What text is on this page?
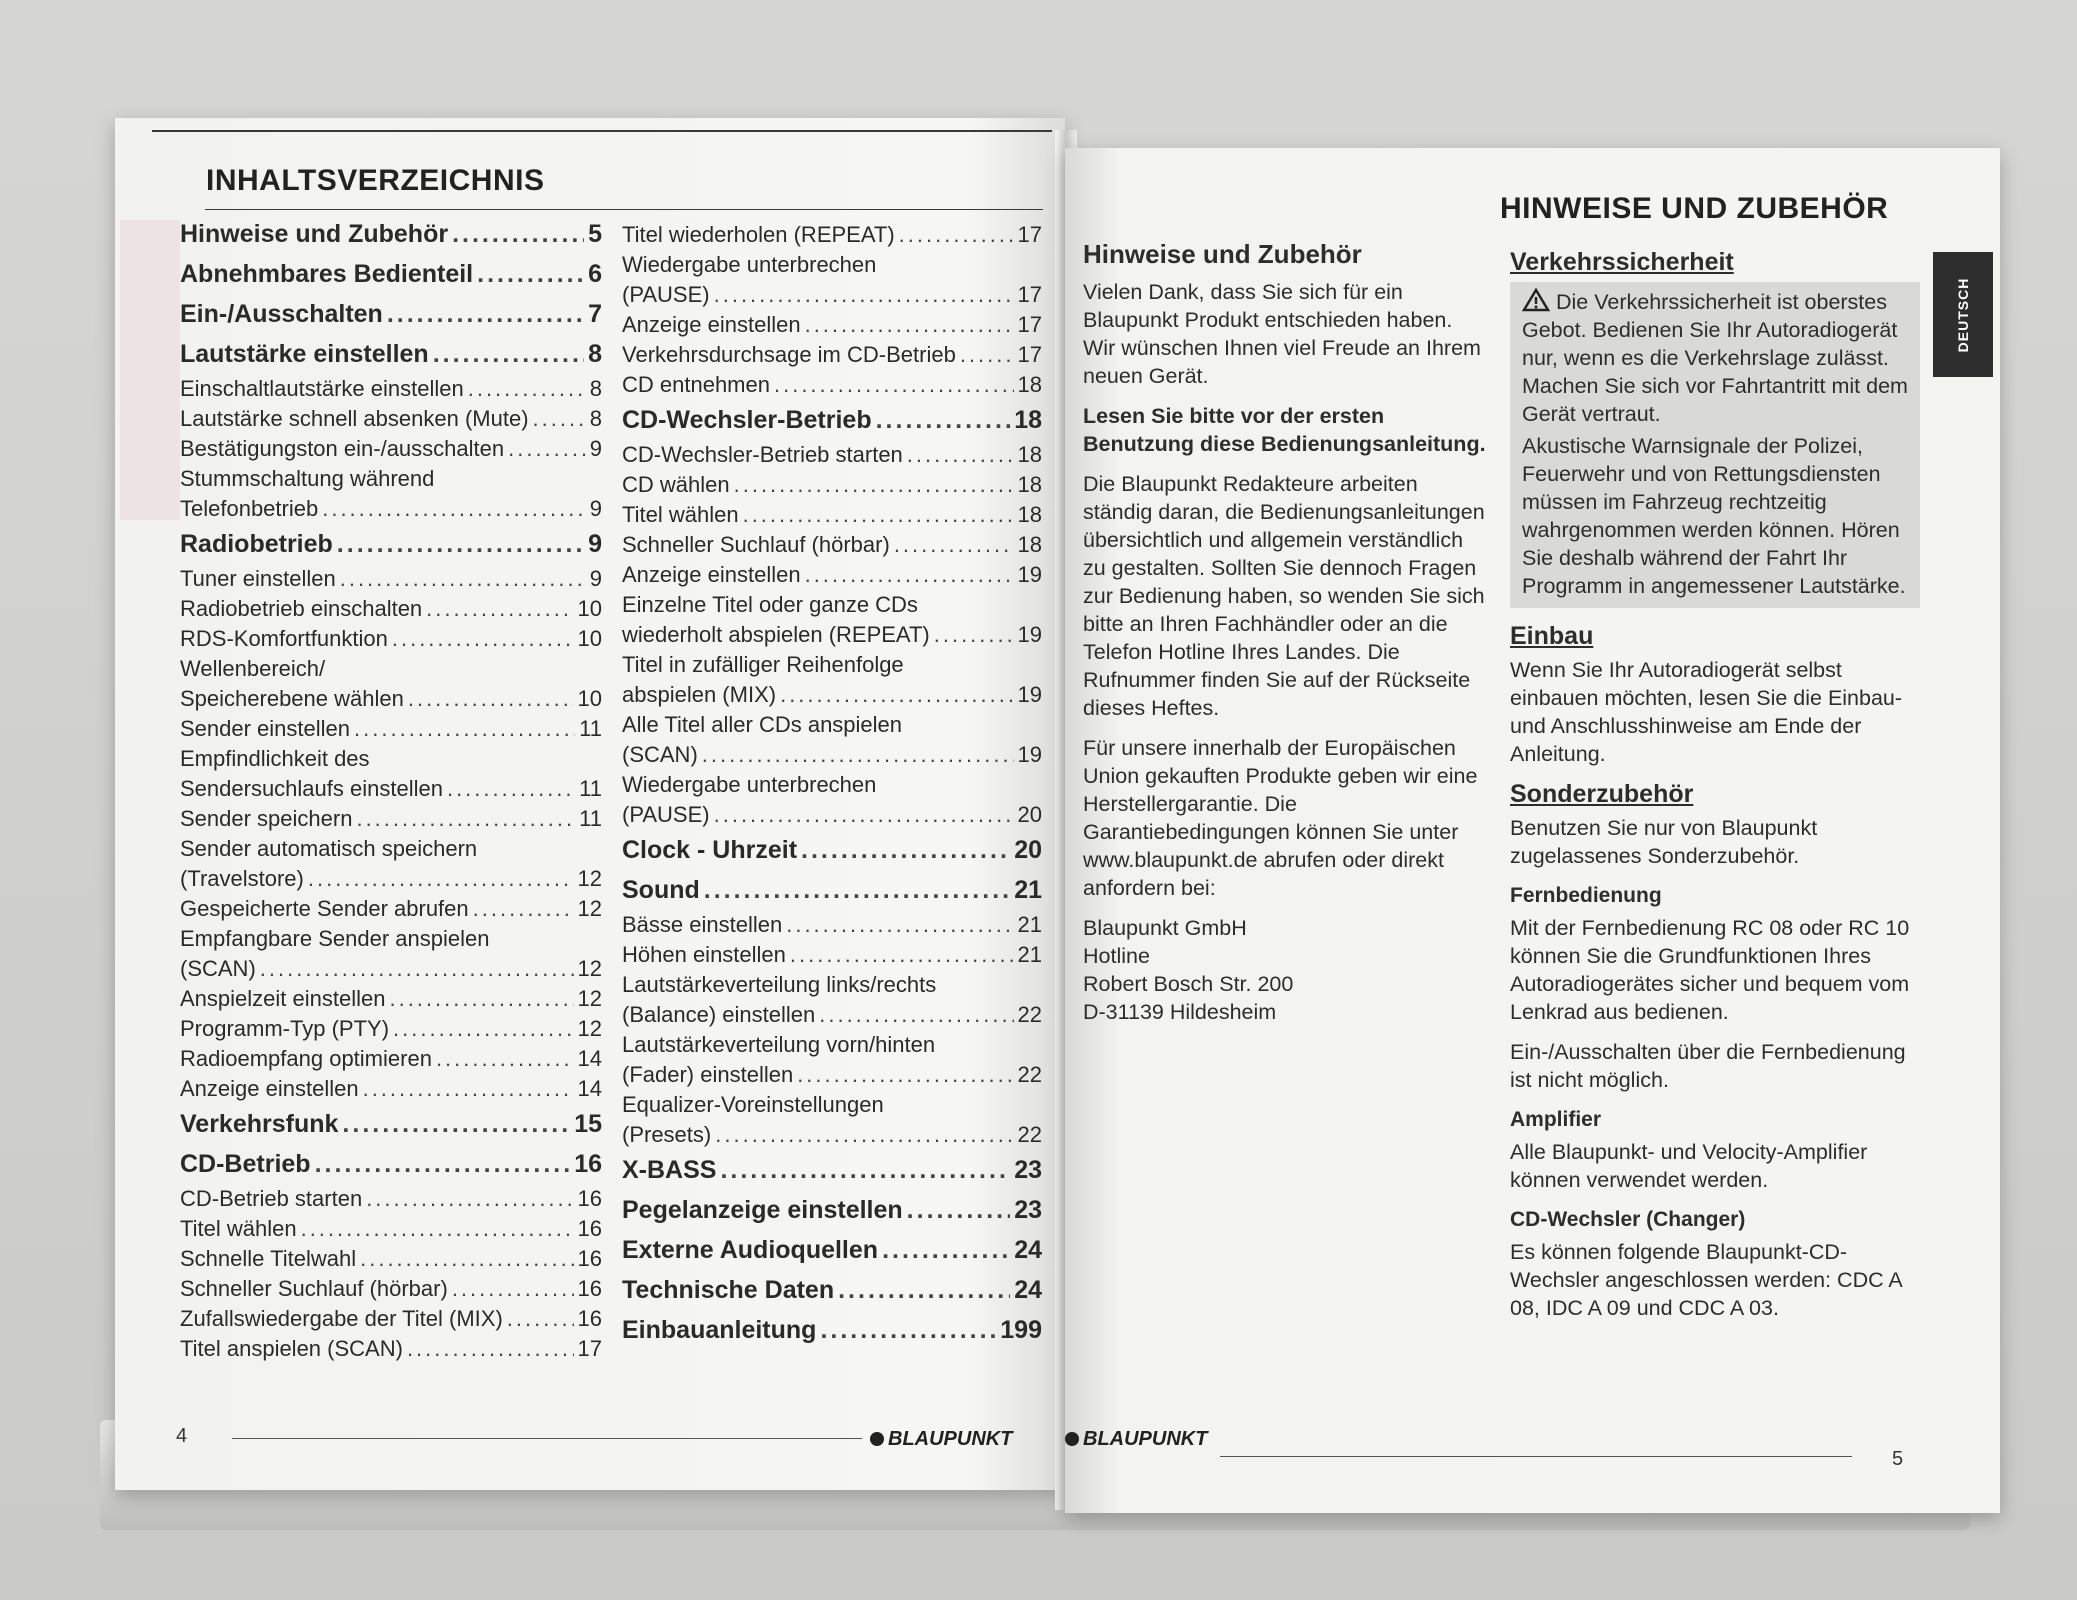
INHALTSVERZEICHNIS
Hinweise und Zubehör .....	5
Abnehmbares Bedienteil .....	6
Ein-/Ausschalten .....	7
Lautstärke einstellen .....	8
Einschaltlautstärke einstellen .....	8
Lautstärke schnell absenken (Mute) .....	8
Bestätigungston ein-/ausschalten .....	9
Stummschaltung während
Telefonbetrieb .....	9
Radiobetrieb .....	9
Tuner einstellen .....	9
Radiobetrieb einschalten .....	10
RDS-Komfortfunktion .....	10
Wellenbereich/
Speicherebene wählen .....	10
Sender einstellen .....	11
Empfindlichkeit des
Sendersuchlaufs einstellen .....	11
Sender speichern .....	11
Sender automatisch speichern
(Travelstore) .....	12
Gespeicherte Sender abrufen .....	12
Empfangbare Sender anspielen
(SCAN) .....	12
Anspielzeit einstellen .....	12
Programm-Typ (PTY) .....	12
Radioempfang optimieren .....	14
Anzeige einstellen .....	14
Verkehrsfunk .....	15
CD-Betrieb .....	16
CD-Betrieb starten .....	16
Titel wählen .....	16
Schnelle Titelwahl .....	16
Schneller Suchlauf (hörbar) .....	16
Zufallswiedergabe der Titel (MIX) .....	16
Titel anspielen (SCAN) .....	17
Titel wiederholen (REPEAT) .....	17
Wiedergabe unterbrechen
(PAUSE) .....	17
Anzeige einstellen .....	17
Verkehrsdurchsage im CD-Betrieb .....	17
CD entnehmen .....	18
CD-Wechsler-Betrieb .....	18
CD-Wechsler-Betrieb starten .....	18
CD wählen .....	18
Titel wählen .....	18
Schneller Suchlauf (hörbar) .....	18
Anzeige einstellen .....	19
Einzelne Titel oder ganze CDs
wiederholt abspielen (REPEAT) .....	19
Titel in zufälliger Reihenfolge
abspielen (MIX) .....	19
Alle Titel aller CDs anspielen
(SCAN) .....	19
Wiedergabe unterbrechen
(PAUSE) .....	20
Clock - Uhrzeit .....	20
Sound .....	21
Bässe einstellen .....	21
Höhen einstellen .....	21
Lautstärkeverteilung links/rechts
(Balance) einstellen .....	22
Lautstärkeverteilung vorn/hinten
(Fader) einstellen .....	22
Equalizer-Voreinstellungen
(Presets) .....	22
X-BASS .....	23
Pegelanzeige einstellen .....	23
Externe Audioquellen .....	24
Technische Daten .....	24
Einbauanleitung .....	199
4	BLAUPUNKT
HINWEISE UND ZUBEHÖR
DEUTSCH
Hinweise und Zubehör

Vielen Dank, dass Sie sich für ein Blaupunkt Produkt entschieden haben. Wir wünschen Ihnen viel Freude an Ihrem neuen Gerät.

Lesen Sie bitte vor der ersten Benutzung diese Bedienungsanleitung.

Die Blaupunkt Redakteure arbeiten ständig daran, die Bedienungsanleitungen übersichtlich und allgemein verständlich zu gestalten. Sollten Sie dennoch Fragen zur Bedienung haben, so wenden Sie sich bitte an Ihren Fachhändler oder an die Telefon Hotline Ihres Landes. Die Rufnummer finden Sie auf der Rückseite dieses Heftes.

Für unsere innerhalb der Europäischen Union gekauften Produkte geben wir eine Herstellergarantie. Die Garantiebedingungen können Sie unter www.blaupunkt.de abrufen oder direkt anfordern bei:

Blaupunkt GmbH
Hotline
Robert Bosch Str. 200
D-31139 Hildesheim
Verkehrssicherheit
Die Verkehrssicherheit ist oberstes Gebot. Bedienen Sie Ihr Autoradiogerät nur, wenn es die Verkehrslage zulässt. Machen Sie sich vor Fahrtantritt mit dem Gerät vertraut.
Akustische Warnsignale der Polizei, Feuerwehr und von Rettungsdiensten müssen im Fahrzeug rechtzeitig wahrgenommen werden können. Hören Sie deshalb während der Fahrt Ihr Programm in angemessener Lautstärke.
Einbau

Wenn Sie Ihr Autoradiogerät selbst einbauen möchten, lesen Sie die Einbau- und Anschlusshinweise am Ende der Anleitung.

Sonderzubehör

Benutzen Sie nur von Blaupunkt zugelassenes Sonderzubehör.

Fernbedienung

Mit der Fernbedienung RC 08 oder RC 10 können Sie die Grundfunktionen Ihres Autoradiogerätes sicher und bequem vom Lenkrad aus bedienen.

Ein-/Ausschalten über die Fernbedienung ist nicht möglich.

Amplifier

Alle Blaupunkt- und Velocity-Amplifier können verwendet werden.

CD-Wechsler (Changer)

Es können folgende Blaupunkt-CD-Wechsler angeschlossen werden: CDC A 08, IDC A 09 und CDC A 03.

BLAUPUNKT
5
